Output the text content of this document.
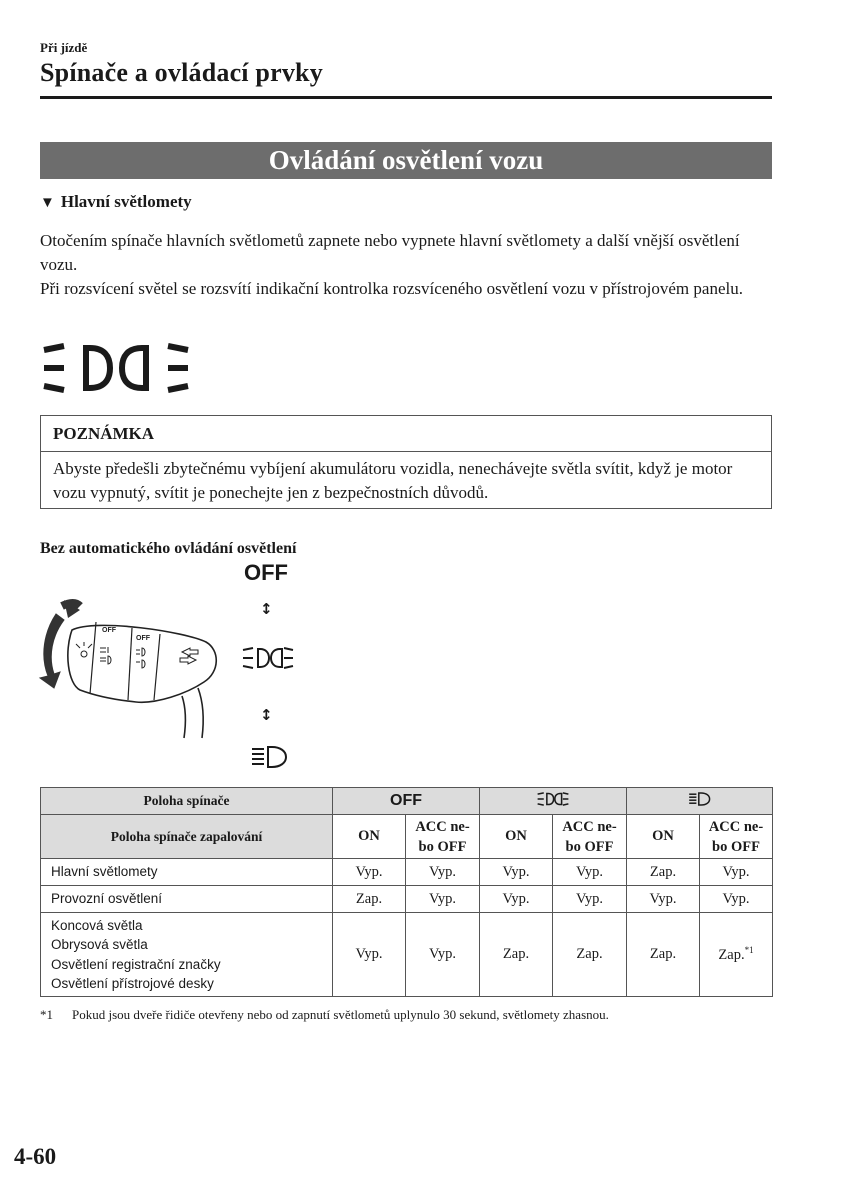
Při jízdě
Spínače a ovládací prvky
Ovládání osvětlení vozu
▼ Hlavní světlomety

Otočením spínače hlavních světlometů zapnete nebo vypnete hlavní světlomety a další vnější osvětlení vozu.

Při rozsvícení světel se rozsvítí indikační kontrolka rozsvíceného osvětlení vozu v přístrojovém panelu.

POZNÁMKA

Abyste předešli zbytečnému vybíjení akumulátoru vozidla, nenechávejte světla svítit, když je motor vozu vypnutý, svítit je ponechejte jen z bezpečnostních důvodů.

Bez automatického ovládání osvětlení
OFF
OFF
OFF
↕
↕
Poloha spínače	OFF		
Poloha spínače zapalování	ON	ACC ne-
bo OFF	ON	ACC ne-
bo OFF	ON	ACC ne-
bo OFF

Hlavní světlomety	Vyp.	Vyp.	Vyp.	Vyp.	Zap.	Vyp.

Provozní osvětlení	Zap.	Vyp.	Vyp.	Vyp.	Vyp.	Vyp.

Koncová světla
Obrysová světla
Osvětlení registrační značky
Osvětlení přístrojové desky	Vyp.	Vyp.	Zap.	Zap.	Zap.	Zap.$^{*1}$
*1 Pokud jsou dveře řidiče otevřeny nebo od zapnutí světlometů uplynulo 30 sekund, světlomety zhasnou.
4-60
